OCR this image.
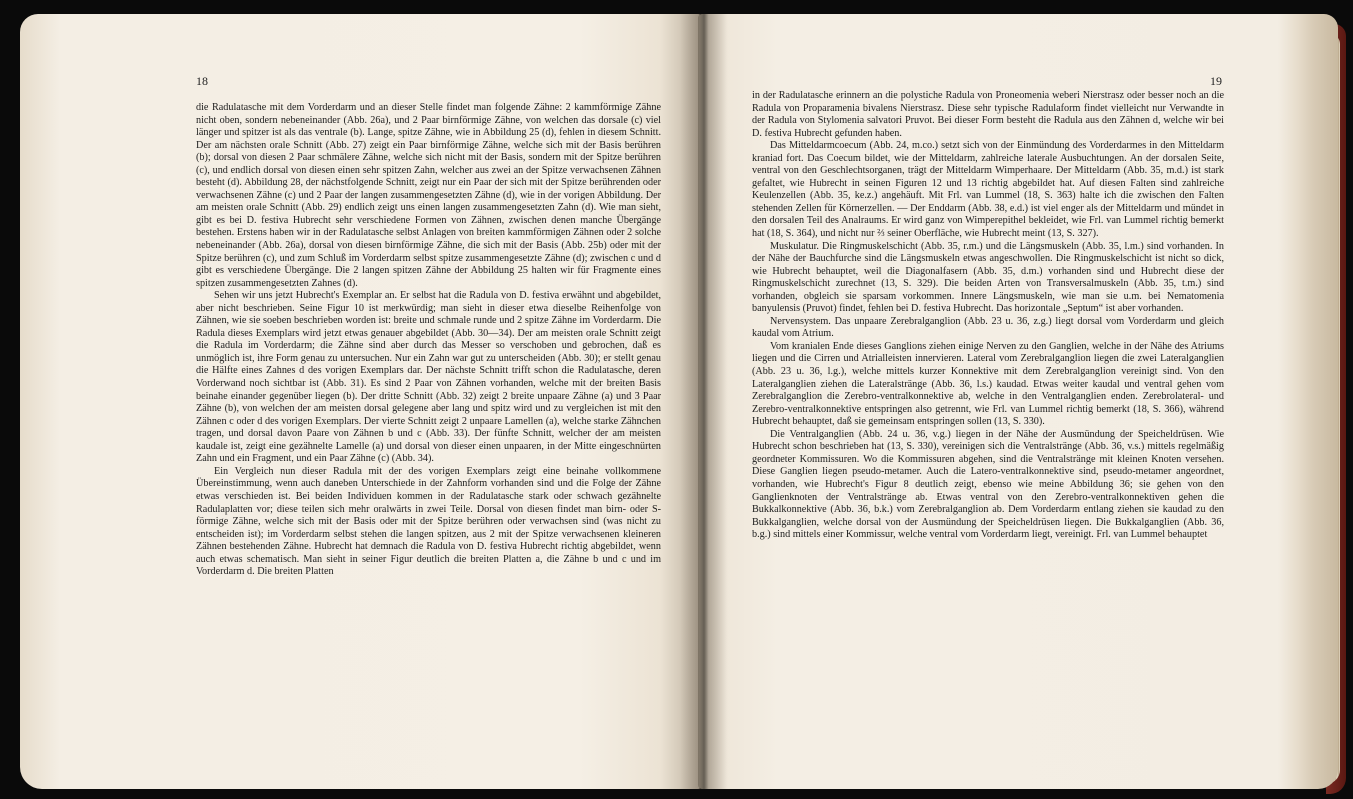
18

die Radulatasche mit dem Vorderdarm und an dieser Stelle findet man folgende Zähne: 2 kammförmige Zähne nicht oben, sondern nebeneinander (Abb. 26a), und 2 Paar birnförmige Zähne, von welchen das dorsale (c) viel länger und spitzer ist als das ventrale (b). Lange, spitze Zähne, wie in Abbildung 25 (d), fehlen in diesem Schnitt. Der am nächsten orale Schnitt (Abb. 27) zeigt ein Paar birnförmige Zähne, welche sich mit der Basis berühren (b); dorsal von diesen 2 Paar schmälere Zähne, welche sich nicht mit der Basis, sondern mit der Spitze berühren (c), und endlich dorsal von diesen einen sehr spitzen Zahn, welcher aus zwei an der Spitze verwachsenen Zähnen besteht (d). Abbildung 28, der nächstfolgende Schnitt, zeigt nur ein Paar der sich mit der Spitze berührenden oder verwachsenen Zähne (c) und 2 Paar der langen zusammengesetzten Zähne (d), wie in der vorigen Abbildung. Der am meisten orale Schnitt (Abb. 29) endlich zeigt uns einen langen zusammengesetzten Zahn (d). Wie man sieht, gibt es bei D. festiva Hubrecht sehr verschiedene Formen von Zähnen, zwischen denen manche Übergänge bestehen. Erstens haben wir in der Radulatasche selbst Anlagen von breiten kammförmigen Zähnen oder 2 solche nebeneinander (Abb. 26a), dorsal von diesen birnförmige Zähne, die sich mit der Basis (Abb. 25b) oder mit der Spitze berühren (c), und zum Schluß im Vorderdarm selbst spitze zusammengesetzte Zähne (d); zwischen c und d gibt es verschiedene Übergänge. Die 2 langen spitzen Zähne der Abbildung 25 halten wir für Fragmente eines spitzen zusammengesetzten Zahnes (d).

Sehen wir uns jetzt Hubrecht's Exemplar an. Er selbst hat die Radula von D. festiva erwähnt und abgebildet, aber nicht beschrieben. Seine Figur 10 ist merkwürdig; man sieht in dieser etwa dieselbe Reihenfolge von Zähnen, wie sie soeben beschrieben worden ist: breite und schmale runde und 2 spitze Zähne im Vorderdarm. Die Radula dieses Exemplars wird jetzt etwas genauer abgebildet (Abb. 30—34). Der am meisten orale Schnitt zeigt die Radula im Vorderdarm; die Zähne sind aber durch das Messer so verschoben und gebrochen, daß es unmöglich ist, ihre Form genau zu untersuchen. Nur ein Zahn war gut zu unterscheiden (Abb. 30); er stellt genau die Hälfte eines Zahnes d des vorigen Exemplars dar. Der nächste Schnitt trifft schon die Radulatasche, deren Vorderwand noch sichtbar ist (Abb. 31). Es sind 2 Paar von Zähnen vorhanden, welche mit der breiten Basis beinahe einander gegenüber liegen (b). Der dritte Schnitt (Abb. 32) zeigt 2 breite unpaare Zähne (a) und 3 Paar Zähne (b), von welchen der am meisten dorsal gelegene aber lang und spitz wird und zu vergleichen ist mit den Zähnen c oder d des vorigen Exemplars. Der vierte Schnitt zeigt 2 unpaare Lamellen (a), welche starke Zähnchen tragen, und dorsal davon Paare von Zähnen b und c (Abb. 33). Der fünfte Schnitt, welcher der am meisten kaudale ist, zeigt eine gezähnelte Lamelle (a) und dorsal von dieser einen unpaaren, in der Mitte eingeschnürten Zahn und ein Fragment, und ein Paar Zähne (c) (Abb. 34).

Ein Vergleich nun dieser Radula mit der des vorigen Exemplars zeigt eine beinahe vollkommene Übereinstimmung, wenn auch daneben Unterschiede in der Zahnform vorhanden sind und die Folge der Zähne etwas verschieden ist. Bei beiden Individuen kommen in der Radulatasche stark oder schwach gezähnelte Radulaplatten vor; diese teilen sich mehr oralwärts in zwei Teile. Dorsal von diesen findet man birn- oder S-förmige Zähne, welche sich mit der Basis oder mit der Spitze berühren oder verwachsen sind (was nicht zu entscheiden ist); im Vorderdarm selbst stehen die langen spitzen, aus 2 mit der Spitze verwachsenen kleineren Zähnen bestehenden Zähne. Hubrecht hat demnach die Radula von D. festiva Hubrecht richtig abgebildet, wenn auch etwas schematisch. Man sieht in seiner Figur deutlich die breiten Platten a, die Zähne b und c und im Vorderdarm d. Die breiten Platten

19

in der Radulatasche erinnern an die polystiche Radula von Proneomenia weberi Nierstrasz oder besser noch an die Radula von Proparamenia bivalens Nierstrasz. Diese sehr typische Radulaform findet vielleicht nur Verwandte in der Radula von Stylomenia salvatori Pruvot. Bei dieser Form besteht die Radula aus den Zähnen d, welche wir bei D. festiva Hubrecht gefunden haben.

Das Mitteldarmcoecum (Abb. 24, m.co.) setzt sich von der Einmündung des Vorderdarmes in den Mitteldarm kraniad fort. Das Coecum bildet, wie der Mitteldarm, zahlreiche laterale Ausbuchtungen. An der dorsalen Seite, ventral von den Geschlechtsorganen, trägt der Mitteldarm Wimperhaare. Der Mitteldarm (Abb. 35, m.d.) ist stark gefaltet, wie Hubrecht in seinen Figuren 12 und 13 richtig abgebildet hat. Auf diesen Falten sind zahlreiche Keulenzellen (Abb. 35, ke.z.) angehäuft. Mit Frl. van Lummel (18, S. 363) halte ich die zwischen den Falten stehenden Zellen für Körnerzellen. — Der Enddarm (Abb. 38, e.d.) ist viel enger als der Mitteldarm und mündet in den dorsalen Teil des Analraums. Er wird ganz von Wimperepithel bekleidet, wie Frl. van Lummel richtig bemerkt hat (18, S. 364), und nicht nur ⅔ seiner Oberfläche, wie Hubrecht meint (13, S. 327).

Muskulatur. Die Ringmuskelschicht (Abb. 35, r.m.) und die Längsmuskeln (Abb. 35, l.m.) sind vorhanden. In der Nähe der Bauchfurche sind die Längsmuskeln etwas angeschwollen. Die Ringmuskelschicht ist nicht so dick, wie Hubrecht behauptet, weil die Diagonalfasern (Abb. 35, d.m.) vorhanden sind und Hubrecht diese der Ringmuskelschicht zurechnet (13, S. 329). Die beiden Arten von Transversalmuskeln (Abb. 35, t.m.) sind vorhanden, obgleich sie sparsam vorkommen. Innere Längsmuskeln, wie man sie u.m. bei Nematomenia banyulensis (Pruvot) findet, fehlen bei D. festiva Hubrecht. Das horizontale „Septum“ ist aber vorhanden.

Nervensystem. Das unpaare Zerebralganglion (Abb. 23 u. 36, z.g.) liegt dorsal vom Vorderdarm und gleich kaudal vom Atrium.

Vom kranialen Ende dieses Ganglions ziehen einige Nerven zu den Ganglien, welche in der Nähe des Atriums liegen und die Cirren und Atrialleisten innervieren. Lateral vom Zerebralganglion liegen die zwei Lateralganglien (Abb. 23 u. 36, l.g.), welche mittels kurzer Konnektive mit dem Zerebralganglion vereinigt sind. Von den Lateralganglien ziehen die Lateralstränge (Abb. 36, l.s.) kaudad. Etwas weiter kaudal und ventral gehen vom Zerebralganglion die Zerebro-ventralkonnektive ab, welche in den Ventralganglien enden. Zerebrolateral- und Zerebro-ventralkonnektive entspringen also getrennt, wie Frl. van Lummel richtig bemerkt (18, S. 366), während Hubrecht behauptet, daß sie gemeinsam entspringen sollen (13, S. 330).

Die Ventralganglien (Abb. 24 u. 36, v.g.) liegen in der Nähe der Ausmündung der Speicheldrüsen. Wie Hubrecht schon beschrieben hat (13, S. 330), vereinigen sich die Ventralstränge (Abb. 36, v.s.) mittels regelmäßig geordneter Kommissuren. Wo die Kommissuren abgehen, sind die Ventralstränge mit kleinen Knoten versehen. Diese Ganglien liegen pseudo-metamer. Auch die Latero-ventralkonnektive sind, pseudo-metamer angeordnet, vorhanden, wie Hubrecht's Figur 8 deutlich zeigt, ebenso wie meine Abbildung 36; sie gehen von den Ganglienknoten der Ventralstränge ab. Etwas ventral von den Zerebro-ventralkonnektiven gehen die Bukkalkonnektive (Abb. 36, b.k.) vom Zerebralganglion ab. Dem Vorderdarm entlang ziehen sie kaudad zu den Bukkalganglien, welche dorsal von der Ausmündung der Speicheldrüsen liegen. Die Bukkalganglien (Abb. 36, b.g.) sind mittels einer Kommissur, welche ventral vom Vorderdarm liegt, vereinigt. Frl. van Lummel behauptet
